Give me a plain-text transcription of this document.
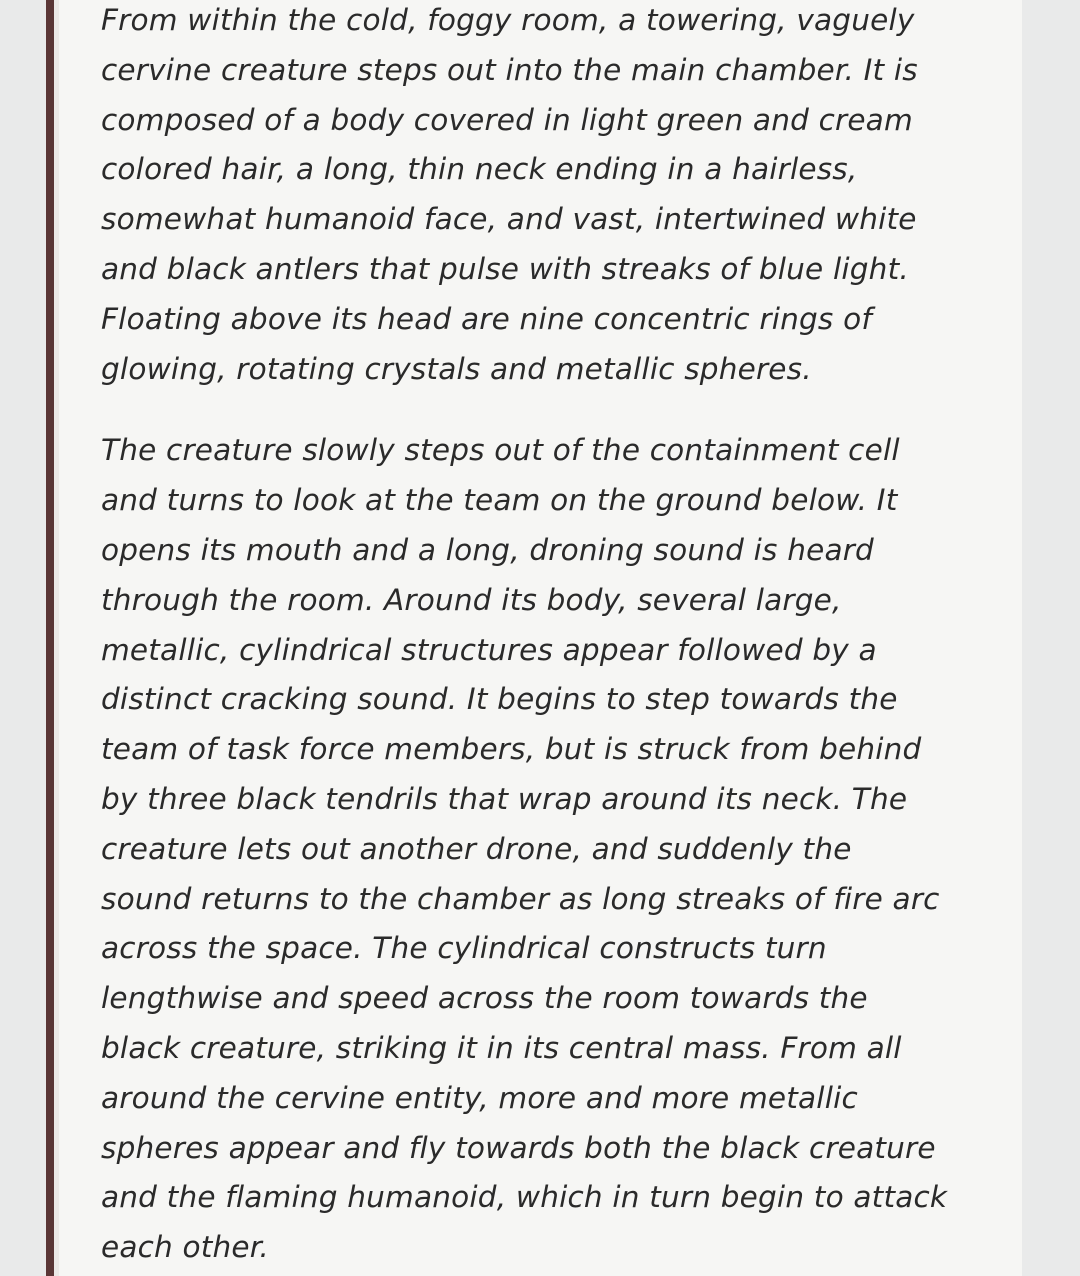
From within the cold, foggy room, a towering, vaguely
cervine creature steps out into the main chamber. It is
composed of a body covered in light green and cream
colored hair, a long, thin neck ending in a hairless,
somewhat humanoid face, and vast, intertwined white
and black antlers that pulse with streaks of blue light.
Floating above its head are nine concentric rings of
glowing, rotating crystals and metallic spheres.

The creature slowly steps out of the containment cell
and turns to look at the team on the ground below. It
opens its mouth and a long, droning sound is heard
through the room. Around its body, several large,
metallic, cylindrical structures appear followed by a
distinct cracking sound. It begins to step towards the
team of task force members, but is struck from behind
by three black tendrils that wrap around its neck. The
creature lets out another drone, and suddenly the
sound returns to the chamber as long streaks of fire arc
across the space. The cylindrical constructs turn
lengthwise and speed across the room towards the
black creature, striking it in its central mass. From all
around the cervine entity, more and more metallic
spheres appear and fly towards both the black creature
and the flaming humanoid, which in turn begin to attack
each other.
